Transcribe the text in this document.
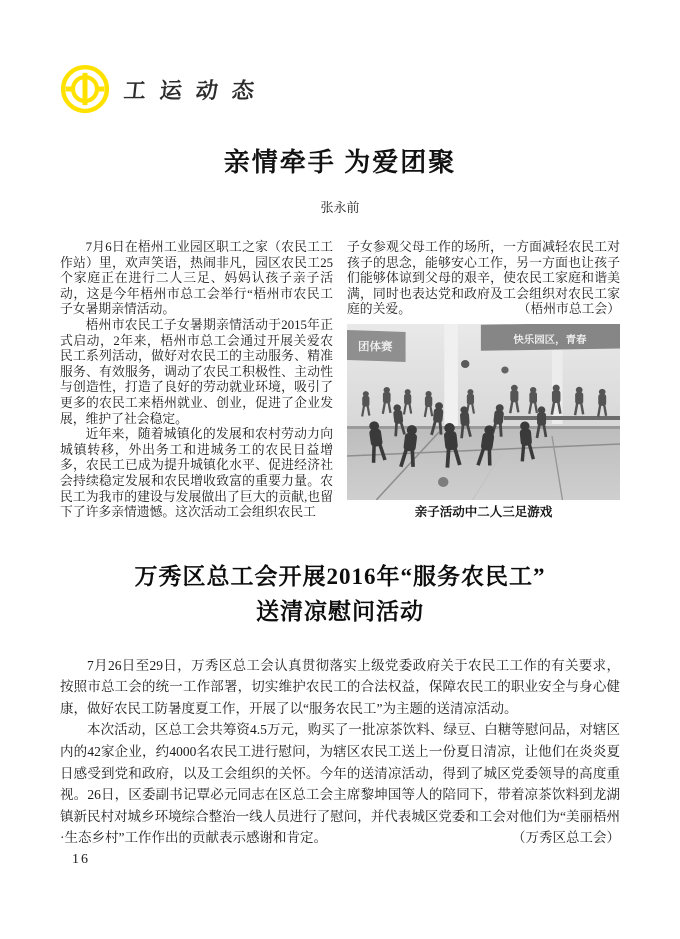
工运动态
亲情牵手 为爱团聚
张永前

7月6日在梧州工业园区职工之家（农民工工作站）里，欢声笑语，热闹非凡，园区农民工25个家庭正在进行二人三足、妈妈认孩子亲子活动，这是今年梧州市总工会举行“梧州市农民工子女暑期亲情活动。

梧州市农民工子女暑期亲情活动于2015年正式启动，2年来，梧州市总工会通过开展关爱农民工系列活动，做好对农民工的主动服务、精准服务、有效服务，调动了农民工积极性、主动性与创造性，打造了良好的劳动就业环境，吸引了更多的农民工来梧州就业、创业，促进了企业发展，维护了社会稳定。

近年来，随着城镇化的发展和农村劳动力向城镇转移，外出务工和进城务工的农民日益增多，农民工已成为提升城镇化水平、促进经济社会持续稳定发展和农民增收致富的重要力量。农民工为我市的建设与发展做出了巨大的贡献,也留下了许多亲情遗憾。这次活动工会组织农民工

子女参观父母工作的场所，一方面减轻农民工对孩子的思念，能够安心工作，另一方面也让孩子们能够体谅到父母的艰辛，使农民工家庭和谐美满，同时也表达党和政府及工会组织对农民工家庭的关爱。	（梧州市总工会）

团体赛
快乐园区，青春
亲子活动中二人三足游戏
万秀区总工会开展2016年“服务农民工”
送清凉慰问活动

7月26日至29日，万秀区总工会认真贯彻落实上级党委政府关于农民工工作的有关要求，按照市总工会的统一工作部署，切实维护农民工的合法权益，保障农民工的职业安全与身心健康，做好农民工防暑度夏工作，开展了以“服务农民工”为主题的送清凉活动。

本次活动，区总工会共筹资4.5万元，购买了一批凉茶饮料、绿豆、白糖等慰问品，对辖区内的42家企业，约4000名农民工进行慰问，为辖区农民工送上一份夏日清凉，让他们在炎炎夏日感受到党和政府，以及工会组织的关怀。今年的送清凉活动，得到了城区党委领导的高度重视。26日，区委副书记覃必元同志在区总工会主席黎坤国等人的陪同下，带着凉茶饮料到龙湖镇新民村对城乡环境综合整治一线人员进行了慰问，并代表城区党委和工会对他们为“美丽梧州·生态乡村”工作作出的贡献表示感谢和肯定。	（万秀区总工会）

16
